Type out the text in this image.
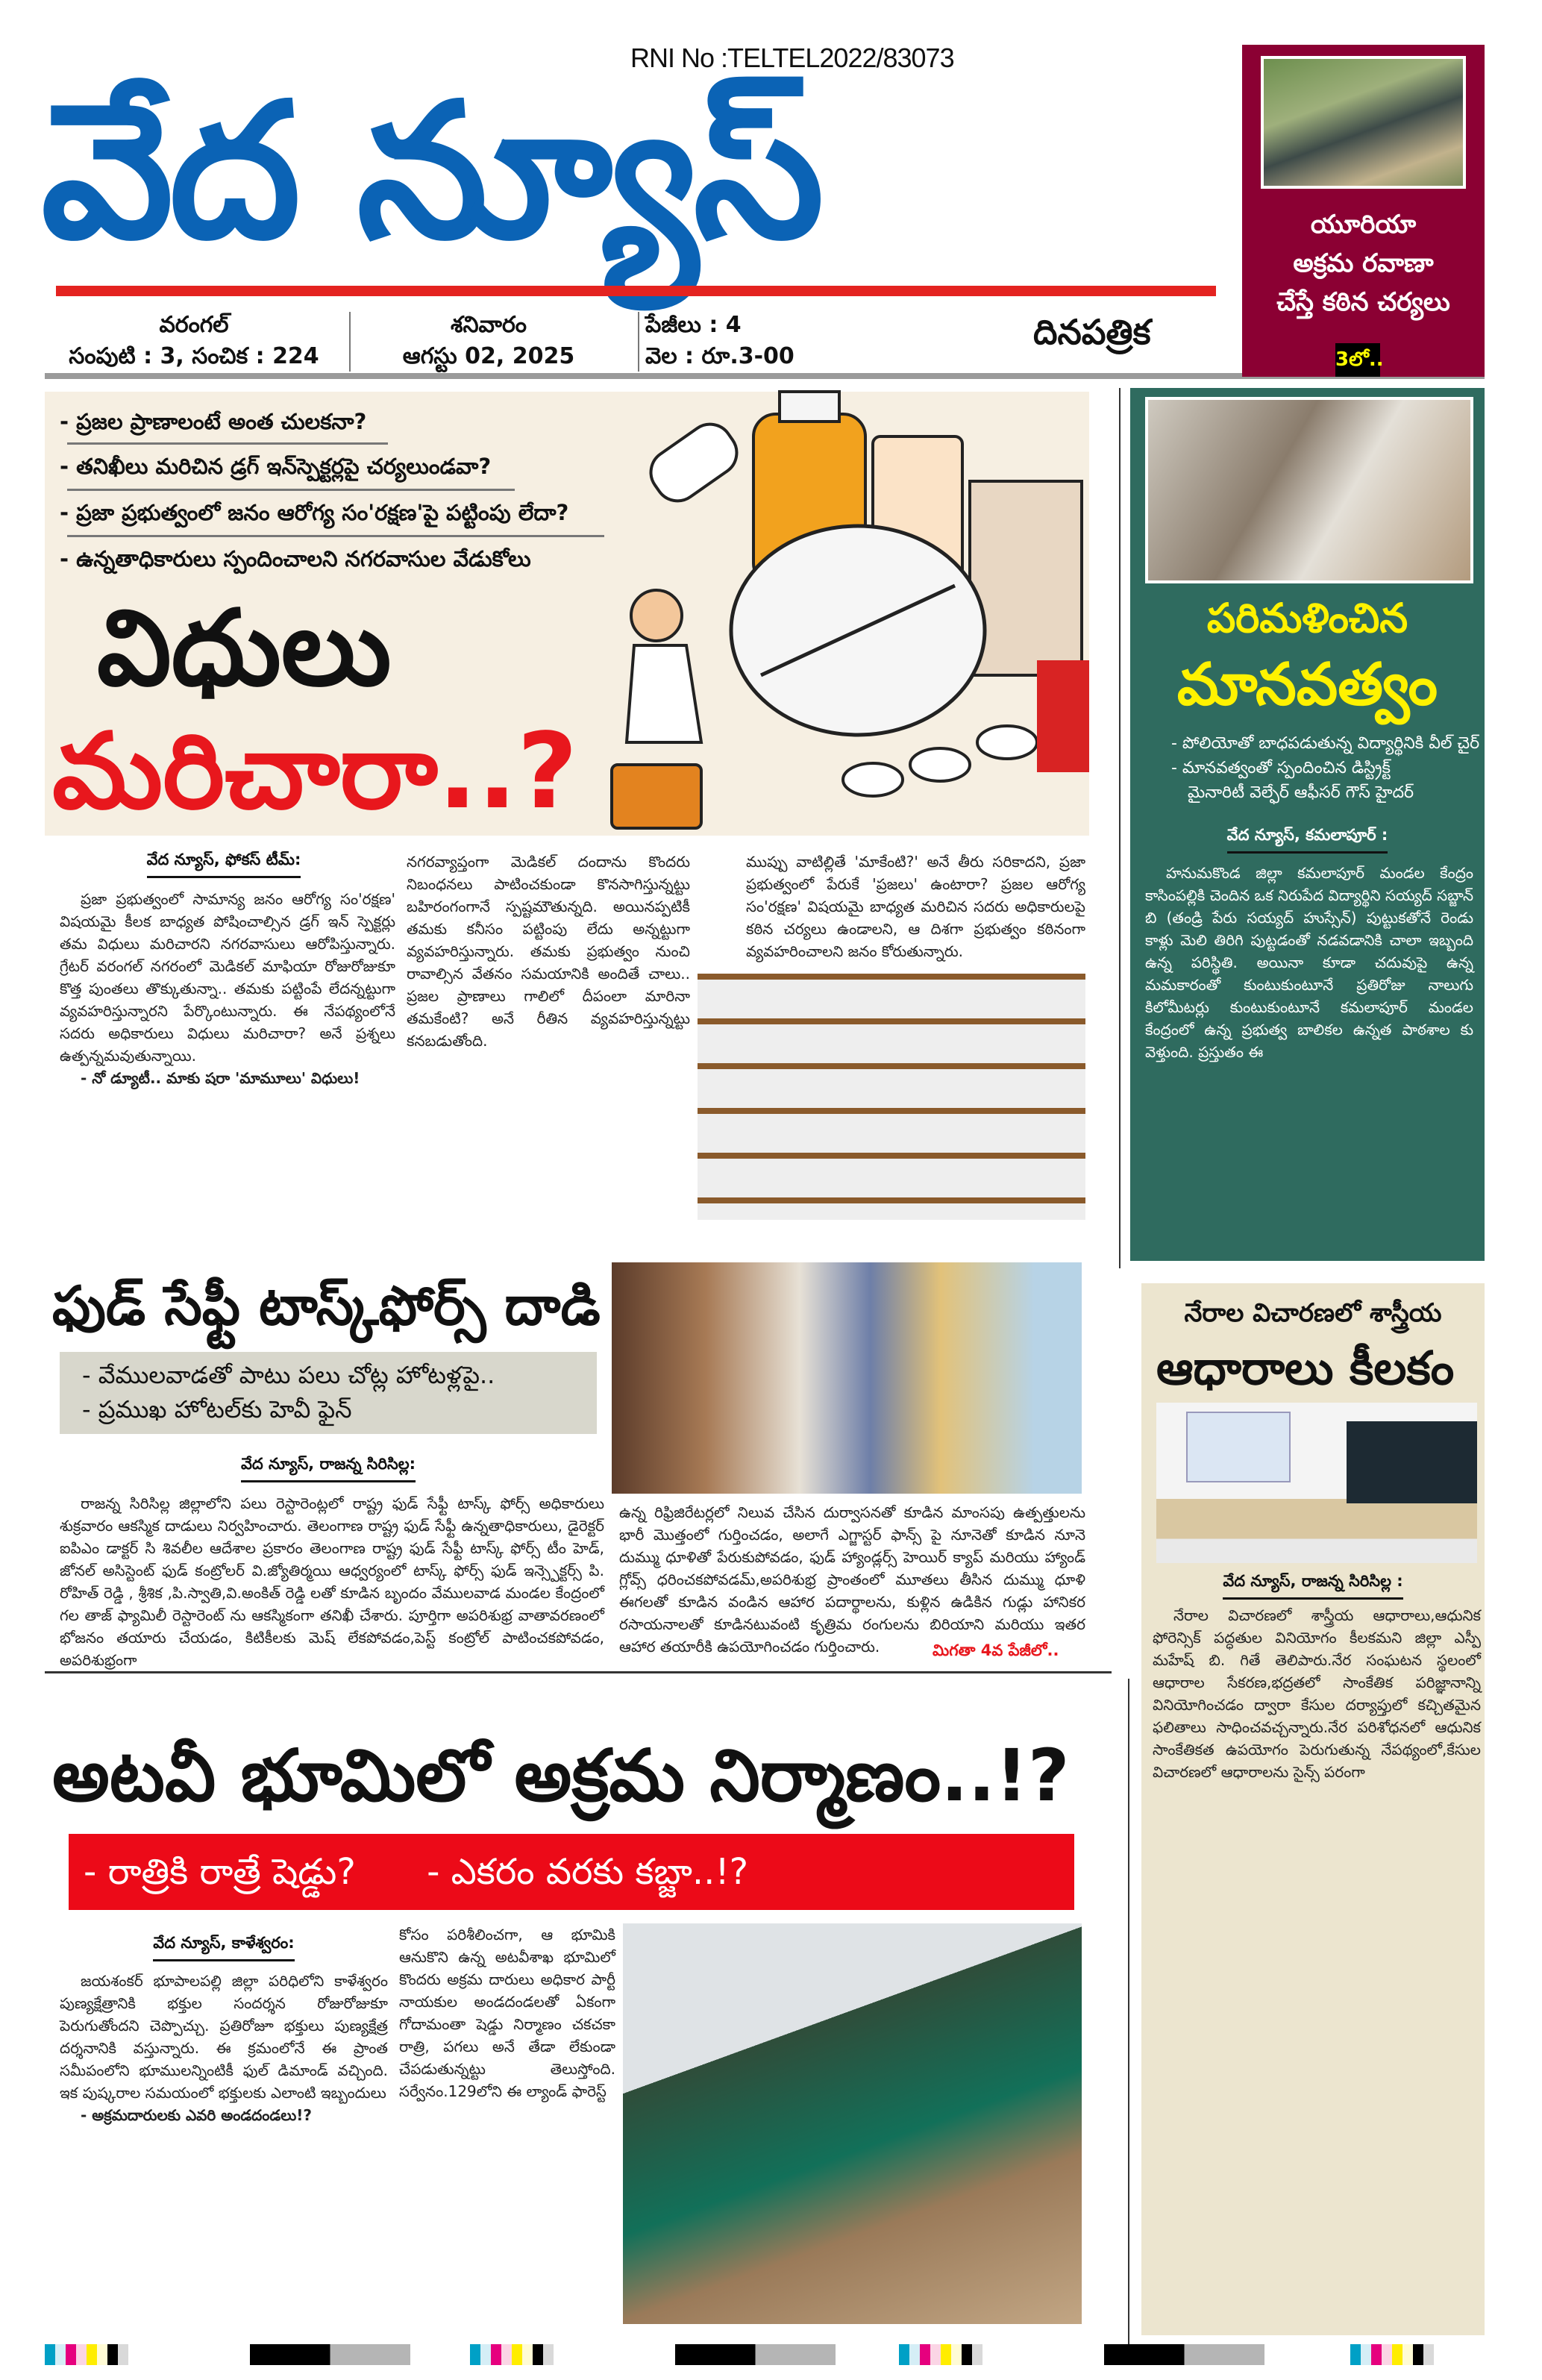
RNI No :TELTEL2022/83073
వేద న్యూస్
వరంగల్
సంపుటి : 3, సంచిక : 224
శనివారం
ఆగస్టు 02, 2025
పేజీలు : 4
వెల : రూ.3-00
దినపత్రిక
యూరియా
అక్రమ రవాణా
చేస్తే కఠిన చర్యలు
3లో..
- ప్రజల ప్రాణాలంటే అంత చులకనా?
- తనిఖీలు మరిచిన డ్రగ్ ఇన్‌స్పెక్టర్లపై చర్యలుండవా?
- ప్రజా ప్రభుత్వంలో జనం ఆరోగ్య సం'రక్షణ'పై పట్టింపు లేదా?
- ఉన్నతాధికారులు స్పందించాలని నగరవాసుల వేడుకోలు
విధులు
మరిచారా..?
వేద న్యూస్, ఫోకస్ టీమ్:

ప్రజా ప్రభుత్వంలో సామాన్య జనం ఆరోగ్య సం'రక్షణ' విషయమై కీలక బాధ్యత పోషించాల్సిన డ్రగ్ ఇన్ స్పెక్టర్లు తమ విధులు మరిచారని నగరవాసులు ఆరోపిస్తున్నారు. గ్రేటర్ వరంగల్ నగరంలో మెడికల్ మాఫియా రోజురోజుకూ కొత్త పుంతలు తొక్కుతున్నా.. తమకు పట్టింపే లేదన్నట్టుగా వ్యవహరిస్తున్నారని పేర్కొంటున్నారు. ఈ నేపథ్యంలోనే సదరు అధికారులు విధులు మరిచారా? అనే ప్రశ్నలు ఉత్పన్నమవుతున్నాయి.

- నో డ్యూటీ.. మాకు షరా 'మామూలు' విధులు!

నగరవ్యాప్తంగా మెడికల్ దందాను కొందరు నిబంధనలు పాటించకుండా కొనసాగిస్తున్నట్టు బహిరంగంగానే స్పష్టమౌతున్నది. అయినప్పటికీ తమకు కనీసం పట్టింపు లేదు అన్నట్టుగా వ్యవహరిస్తున్నారు. తమకు ప్రభుత్వం నుంచి రావాల్సిన వేతనం సమయానికి అందితే చాలు.. ప్రజల ప్రాణాలు గాలిలో దీపంలా మారినా తమకేంటి? అనే రీతిన వ్యవహరిస్తున్నట్టు కనబడుతోంది.

ముప్పు వాటిల్లితే 'మాకేంటి?' అనే తీరు సరికాదని, ప్రజా ప్రభుత్వంలో పేరుకే 'ప్రజలు' ఉంటారా? ప్రజల ఆరోగ్య సం'రక్షణ' విషయమై బాధ్యత మరిచిన సదరు అధికారులపై కఠిన చర్యలు ఉండాలని, ఆ దిశగా ప్రభుత్వం కఠినంగా వ్యవహరించాలని జనం కోరుతున్నారు.

పరిమళించిన
మానవత్వం
- పోలియోతో బాధపడుతున్న విద్యార్థినికి వీల్ చైర్
- మానవత్వంతో స్పందించిన డిస్ట్రిక్ట్
మైనారిటీ వెల్ఫేర్ ఆఫీసర్ గౌస్ హైదర్
వేద న్యూస్, కమలాపూర్ :

హనుమకొండ జిల్లా కమలాపూర్ మండల కేంద్రం కాసింపల్లికి చెందిన ఒక నిరుపేద విద్యార్థిని సయ్యద్ సబ్జాన్ బి (తండ్రి పేరు సయ్యద్ హుస్సేన్) పుట్టుకతోనే రెండు కాళ్లు మెలి తిరిగి పుట్టడంతో నడవడానికి చాలా ఇబ్బంది ఉన్న పరిస్థితి. అయినా కూడా చదువుపై ఉన్న మమకారంతో కుంటుకుంటూనే ప్రతిరోజు నాలుగు కిలోమీటర్లు కుంటుకుంటూనే కమలాపూర్ మండల కేంద్రంలో ఉన్న ప్రభుత్వ బాలికల ఉన్నత పాఠశాల కు వెళ్తుంది. ప్రస్తుతం ఈ

ఫుడ్ సేఫ్టీ టాస్క్‌ఫోర్స్ దాడి
- వేములవాడతో పాటు పలు చోట్ల హోటళ్లపై..
- ప్రముఖ హోటల్‌కు హెవీ ఫైన్
వేద న్యూస్, రాజన్న సిరిసిల్ల:

రాజన్న సిరిసిల్ల జిల్లాలోని పలు రెస్టారెంట్లలో రాష్ట్ర ఫుడ్ సేఫ్టీ టాస్క్ ఫోర్స్ అధికారులు శుక్రవారం ఆకస్మిక దాడులు నిర్వహించారు. తెలంగాణ రాష్ట్ర ఫుడ్ సేఫ్టీ ఉన్నతాధికారులు, డైరెక్టర్ ఐపిఎం డాక్టర్ సి శివలీల ఆదేశాల ప్రకారం తెలంగాణ రాష్ట్ర ఫుడ్ సేఫ్టీ టాస్క్ ఫోర్స్ టీం హెడ్, జోనల్ అసిస్టెంట్ ఫుడ్ కంట్రోలర్ వి.జ్యోతిర్మయి ఆధ్వర్యంలో టాస్క్ ఫోర్స్ ఫుడ్ ఇన్స్పెక్టర్స్ పి. రోహిత్ రెడ్డి , శ్రీశిక ,పి.స్వాతి,వి.అంకిత్ రెడ్డి లతో కూడిన బృందం వేములవాడ మండల కేంద్రంలో గల తాజ్ ఫ్యామిలీ రెస్టారెంట్ ను ఆకస్మికంగా తనిఖీ చేశారు. పూర్తిగా అపరిశుభ్ర వాతావరణంలో భోజనం తయారు చేయడం, కిటికీలకు మెష్ లేకపోవడం,పెస్ట్ కంట్రోల్ పాటించకపోవడం, అపరిశుభ్రంగా

ఉన్న రిఫ్రిజిరేటర్లలో నిలువ చేసిన దుర్వాసనతో కూడిన మాంసపు ఉత్పత్తులను భారీ మొత్తంలో గుర్తించడం, అలాగే ఎగ్జాస్టర్ ఫాన్స్ పై నూనెతో కూడిన నూనె దుమ్ము ధూళితో పేరుకుపోవడం, ఫుడ్ హ్యాండ్లర్స్ హెయిర్ క్యాప్ మరియు హ్యాండ్ గ్లోవ్స్ ధరించకపోవడమ్,అపరిశుభ్ర ప్రాంతంలో మూతలు తీసిన దుమ్ము ధూళి ఈగలతో కూడిన వండిన ఆహార పదార్థాలను, కుళ్లిన ఉడికిన గుడ్లు హానికర రసాయనాలతో కూడినటువంటి కృత్రిమ రంగులను బిరియాని మరియు ఇతర ఆహార తయారీకి ఉపయోగించడం గుర్తించారు.	మిగతా 4వ పేజీలో..
నేరాల విచారణలో శాస్త్రీయ
ఆధారాలు కీలకం
వేద న్యూస్, రాజన్న సిరిసిల్ల :

నేరాల విచారణలో శాస్త్రీయ ఆధారాలు,ఆధునిక ఫోరెన్సిక్ పద్ధతుల వినియోగం కీలకమని జిల్లా ఎస్పీ మహేష్ బి. గితే తెలిపారు.నేర సంఘటన స్థలంలో ఆధారాల సేకరణ,భద్రతలో సాంకేతిక పరిజ్ఞానాన్ని వినియోగించడం ద్వారా కేసుల దర్యాప్తులో కచ్చితమైన ఫలితాలు సాధించవచ్చన్నారు.నేర పరిశోధనలో ఆధునిక సాంకేతికత ఉపయోగం పెరుగుతున్న నేపథ్యంలో,కేసుల విచారణలో ఆధారాలను సైన్స్ పరంగా

అటవీ భూమిలో అక్రమ నిర్మాణం..!?
- రాత్రికి రాత్రే షెడ్డు? - ఎకరం వరకు కబ్జా..!?
వేద న్యూస్, కాళేశ్వరం:

జయశంకర్ భూపాలపల్లి జిల్లా పరిధిలోని కాళేశ్వరం పుణ్యక్షేత్రానికి భక్తుల సందర్శన రోజురోజుకూ పెరుగుతోందని చెప్పొచ్చు. ప్రతిరోజూ భక్తులు పుణ్యక్షేత్ర దర్శనానికి వస్తున్నారు. ఈ క్రమంలోనే ఈ ప్రాంత సమీపంలోని భూములన్నింటికీ ఫుల్ డిమాండ్ వచ్చింది. ఇక పుష్కరాల సమయంలో భక్తులకు ఎలాంటి ఇబ్బందులు

- అక్రమదారులకు ఎవరి అండదండలు!?

కోసం పరిశీలించగా, ఆ భూమికి ఆనుకొని ఉన్న అటవీశాఖ భూమిలో కొందరు అక్రమ దారులు అధికార పార్టీ నాయకుల అండదండలతో ఏకంగా గోదామంతా షెడ్డు నిర్మాణం చకచకా రాత్రి, పగలు అనే తేడా లేకుండా చేపడుతున్నట్టు తెలుస్తోంది. సర్వేనం.129లోని ఈ ల్యాండ్ ఫారెస్ట్
